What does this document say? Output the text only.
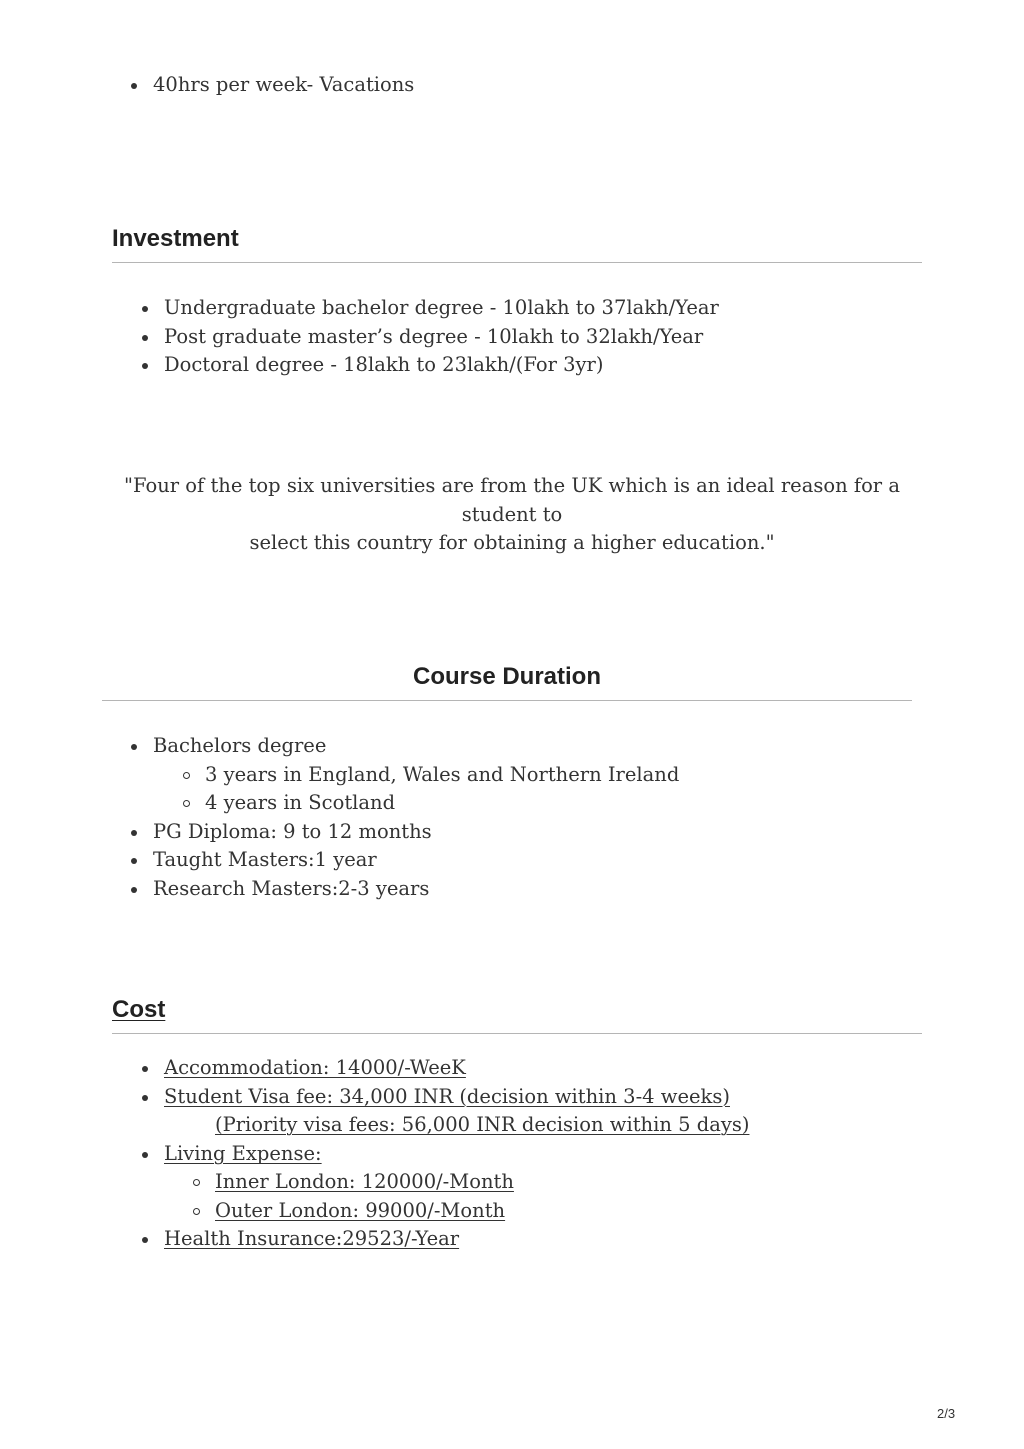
40hrs per week- Vacations
Investment
Undergraduate bachelor degree - 10lakh to 37lakh/Year
Post graduate master’s degree - 10lakh to 32lakh/Year
Doctoral degree - 18lakh to 23lakh/(For 3yr)
"Four of the top six universities are from the UK which is an ideal reason for a student to
select this country for obtaining a higher education."
Course Duration
Bachelors degree
3 years in England, Wales and Northern Ireland
4 years in Scotland
PG Diploma: 9 to 12 months
Taught Masters:1 year
Research Masters:2-3 years
Cost
Accommodation: 14000/-WeeK
Student Visa fee: 34,000 INR (decision within 3-4 weeks)
(Priority visa fees: 56,000 INR decision within 5 days)
Living Expense:
Inner London: 120000/-Month
Outer London: 99000/-Month
Health Insurance:29523/-Year
2/3
